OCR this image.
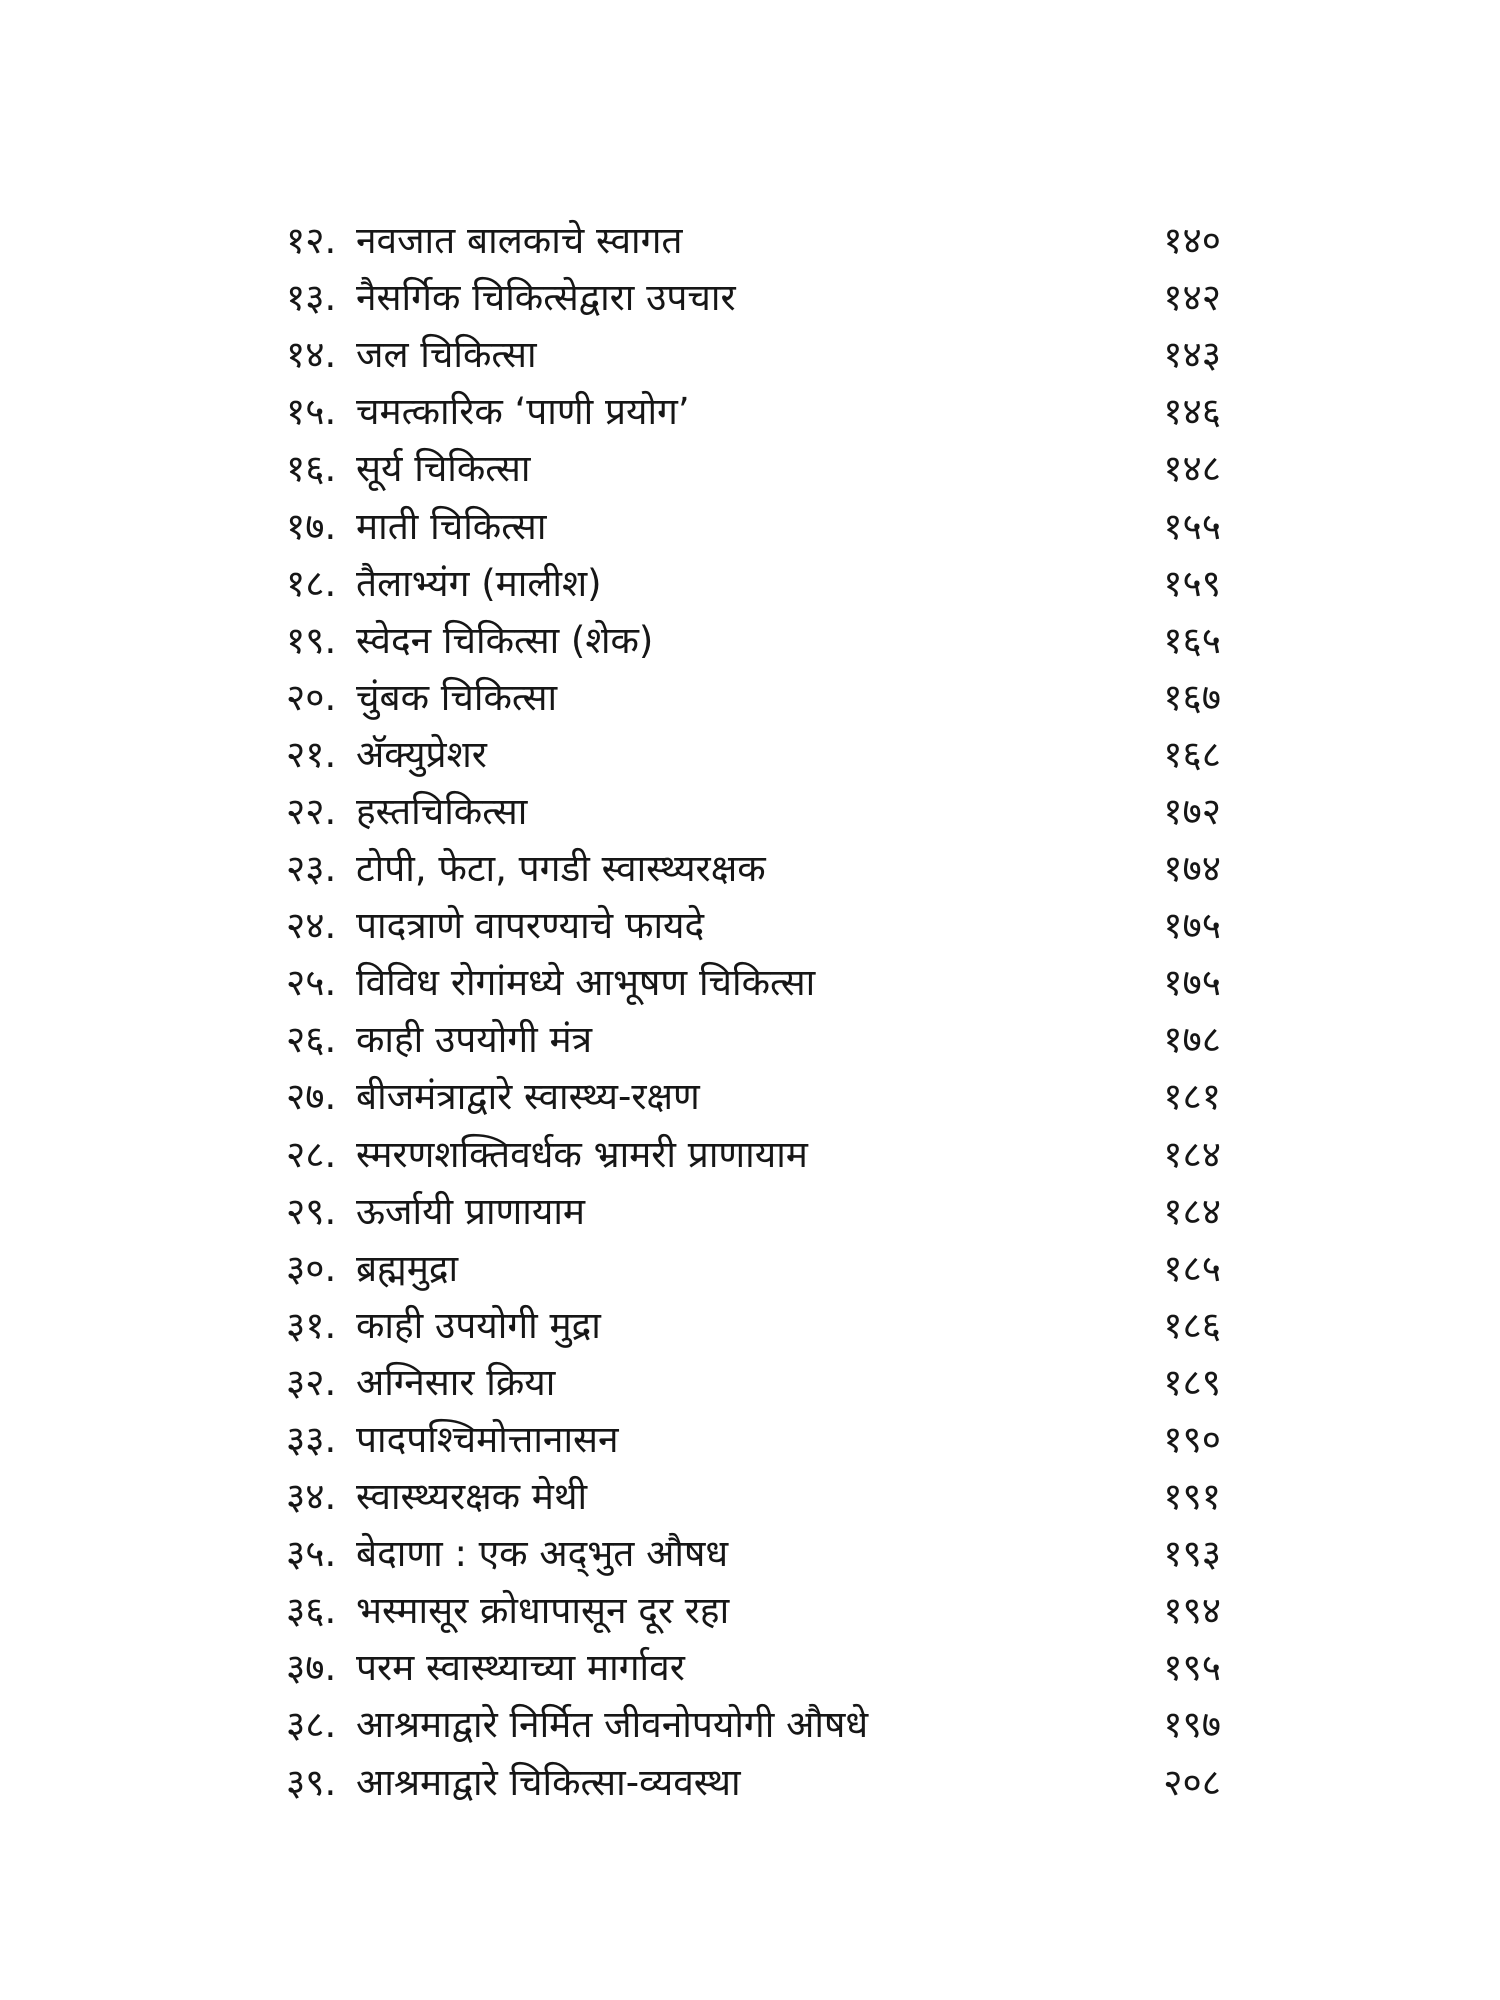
१२. नवजात बालकाचे स्वागत	१४०
१३. नैसर्गिक चिकित्सेद्वारा उपचार	१४२
१४. जल चिकित्सा	१४३
१५. चमत्कारिक ‘पाणी प्रयोग’	१४६
१६. सूर्य चिकित्सा	१४८
१७. माती चिकित्सा	१५५
१८. तैलाभ्यंग (मालीश)	१५९
१९. स्वेदन चिकित्सा (शेक)	१६५
२०. चुंबक चिकित्सा	१६७
२१. अ‍ॅक्युप्रेशर	१६८
२२. हस्तचिकित्सा	१७२
२३. टोपी, फेटा, पगडी स्वास्थ्यरक्षक	१७४
२४. पादत्राणे वापरण्याचे फायदे	१७५
२५. विविध रोगांमध्ये आभूषण चिकित्सा	१७५
२६. काही उपयोगी मंत्र	१७८
२७. बीजमंत्राद्वारे स्वास्थ्य-रक्षण	१८१
२८. स्मरणशक्तिवर्धक भ्रामरी प्राणायाम	१८४
२९. ऊर्जायी प्राणायाम	१८४
३०. ब्रह्ममुद्रा	१८५
३१. काही उपयोगी मुद्रा	१८६
३२. अग्निसार क्रिया	१८९
३३. पादपश्चिमोत्तानासन	१९०
३४. स्वास्थ्यरक्षक मेथी	१९१
३५. बेदाणा : एक अद्‌भुत औषध	१९३
३६. भस्मासूर क्रोधापासून दूर रहा	१९४
३७. परम स्वास्थ्याच्या मार्गावर	१९५
३८. आश्रमाद्वारे निर्मित जीवनोपयोगी औषधे	१९७
३९. आश्रमाद्वारे चिकित्सा-व्यवस्था	२०८
